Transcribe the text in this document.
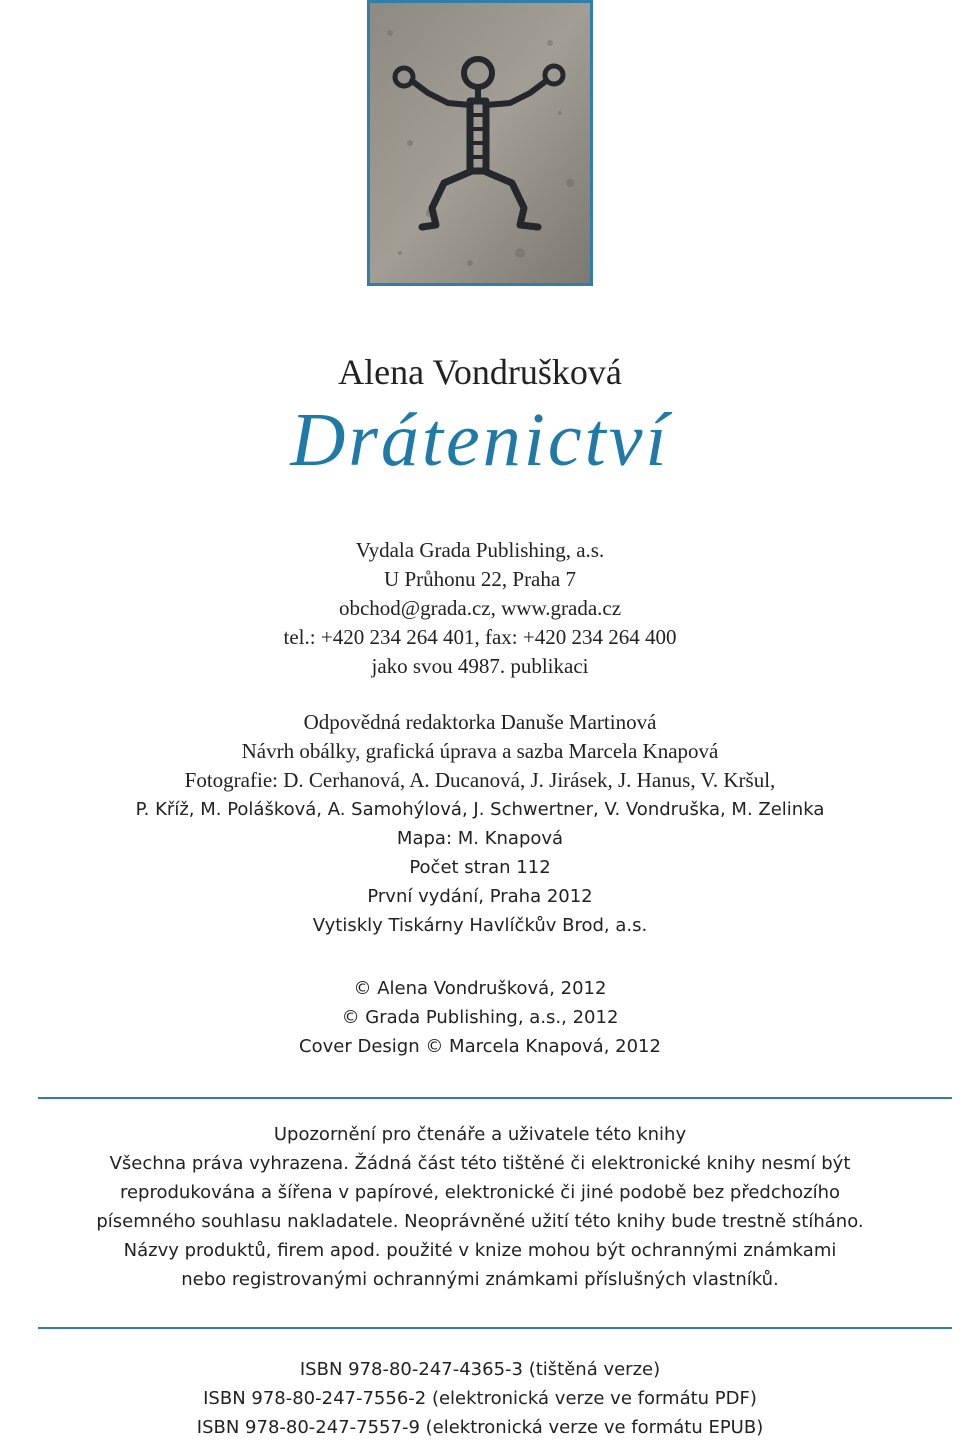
Alena Vondrušková
Drátenictví
Vydala Grada Publishing, a.s.
U Průhonu 22, Praha 7
obchod@grada.cz, www.grada.cz
tel.: +420 234 264 401, fax: +420 234 264 400
jako svou 4987. publikaci
Odpovědná redaktorka Danuše Martinová
Návrh obálky, grafická úprava a sazba Marcela Knapová
Fotografie: D. Cerhanová, A. Ducanová, J. Jirásek, J. Hanus, V. Kršul,
P. Kříž, M. Polášková, A. Samohýlová, J. Schwertner, V. Vondruška, M. Zelinka
Mapa: M. Knapová
Počet stran 112
První vydání, Praha 2012
Vytiskly Tiskárny Havlíčkův Brod, a.s.
© Alena Vondrušková, 2012
© Grada Publishing, a.s., 2012
Cover Design © Marcela Knapová, 2012
Upozornění pro čtenáře a uživatele této knihy
Všechna práva vyhrazena. Žádná část této tištěné či elektronické knihy nesmí být
reprodukována a šířena v papírové, elektronické či jiné podobě bez předchozího
písemného souhlasu nakladatele. Neoprávněné užití této knihy bude trestně stíháno.
Názvy produktů, firem apod. použité v knize mohou být ochrannými známkami
nebo registrovanými ochrannými známkami příslušných vlastníků.
ISBN 978-80-247-4365-3 (tištěná verze)
ISBN 978-80-247-7556-2 (elektronická verze ve formátu PDF)
ISBN 978-80-247-7557-9 (elektronická verze ve formátu EPUB)
